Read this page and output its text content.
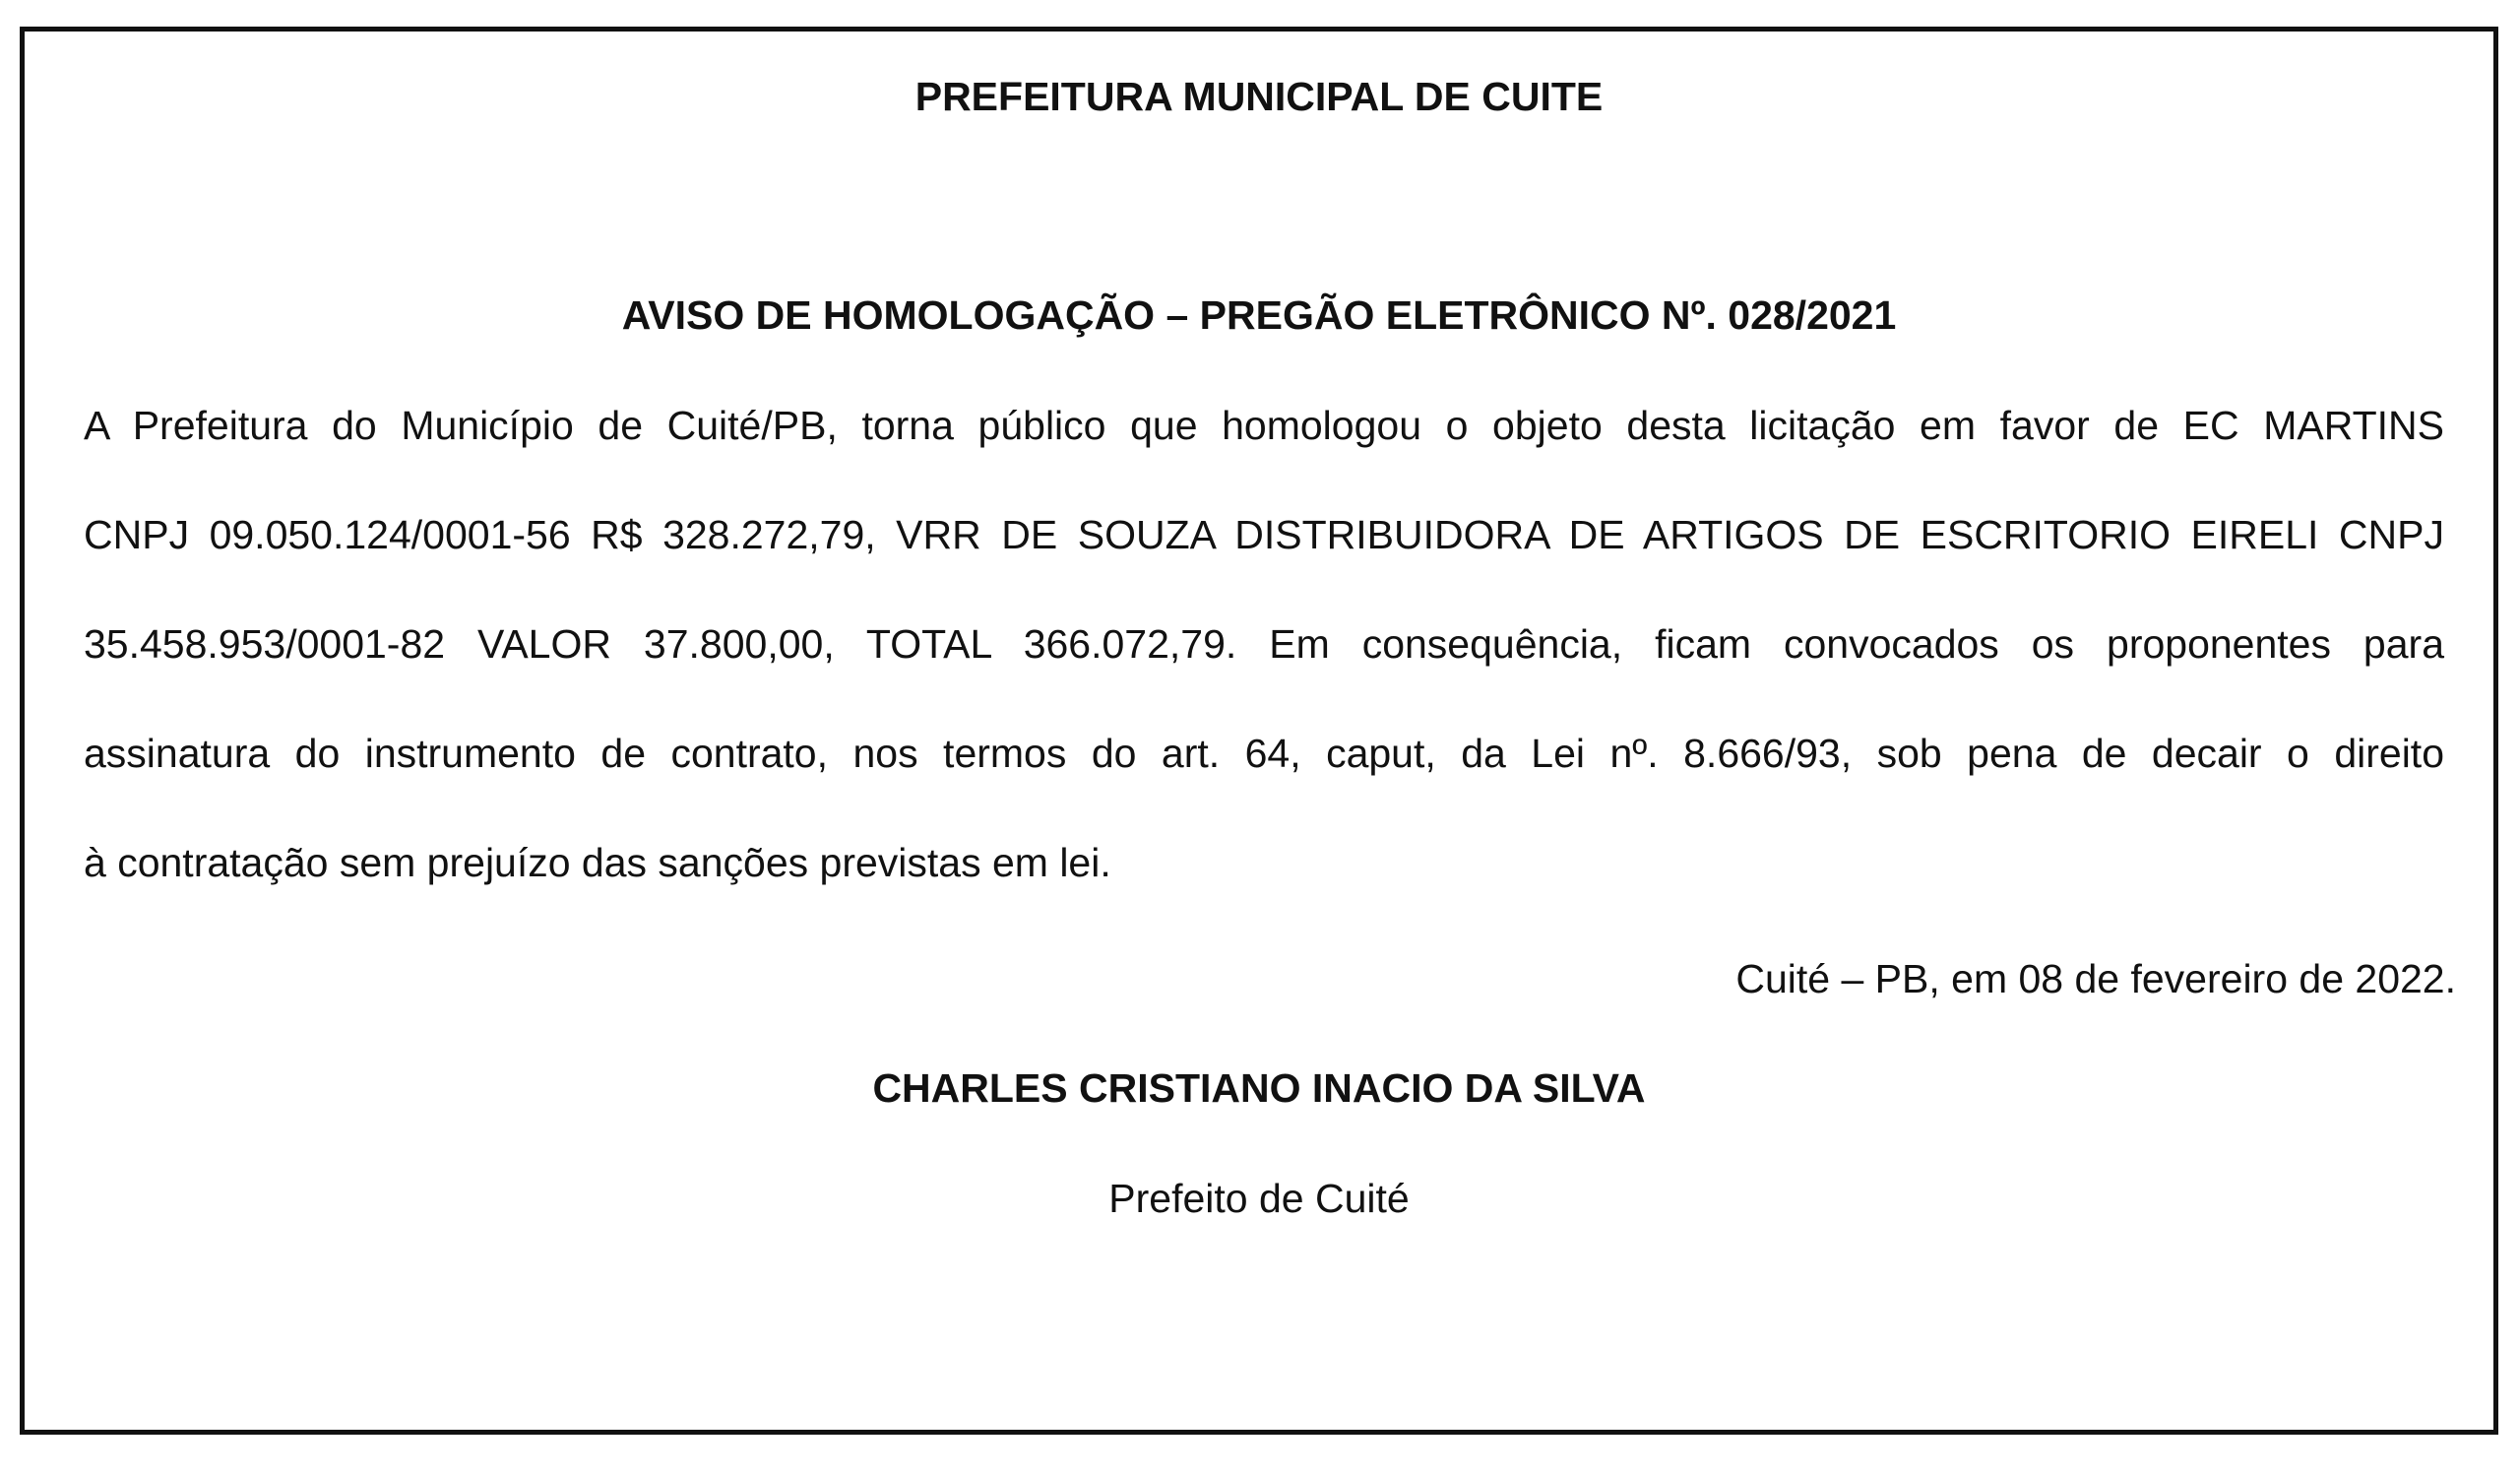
PREFEITURA MUNICIPAL DE CUITE
AVISO DE HOMOLOGAÇÃO – PREGÃO ELETRÔNICO Nº. 028/2021
A Prefeitura do Município de Cuité/PB, torna público que homologou o objeto desta licitação em favor de EC MARTINS
CNPJ 09.050.124/0001-56 R$ 328.272,79, VRR DE SOUZA DISTRIBUIDORA DE ARTIGOS DE ESCRITORIO EIRELI CNPJ
35.458.953/0001-82 VALOR 37.800,00, TOTAL 366.072,79. Em consequência, ficam convocados os proponentes para
assinatura do instrumento de contrato, nos termos do art. 64, caput, da Lei nº. 8.666/93, sob pena de decair o direito
à contratação sem prejuízo das sanções previstas em lei.
Cuité – PB, em 08 de fevereiro de 2022.
CHARLES CRISTIANO INACIO DA SILVA
Prefeito de Cuité
